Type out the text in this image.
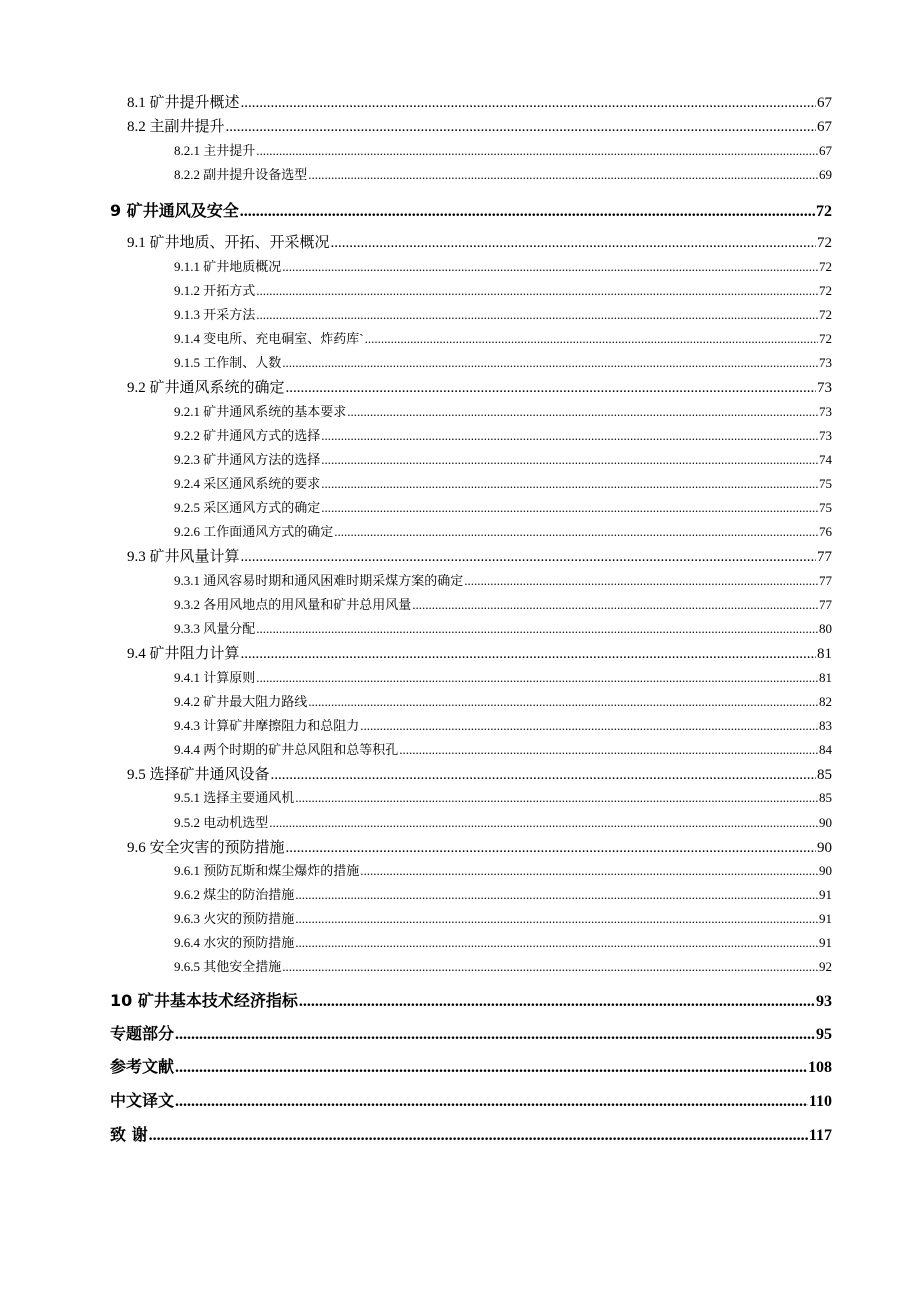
8.1 矿井提升概述 .....	67
8.2 主副井提升 .....	67
8.2.1 主井提升 .....	67
8.2.2 副井提升设备选型 .....	69
9 矿井通风及安全 .....	72
9.1 矿井地质、开拓、开采概况 .....	72
9.1.1 矿井地质概况 .....	72
9.1.2 开拓方式 .....	72
9.1.3 开采方法 .....	72
9.1.4 变电所、充电硐室、炸药库` .....	72
9.1.5 工作制、人数 .....	73
9.2 矿井通风系统的确定 .....	73
9.2.1 矿井通风系统的基本要求 .....	73
9.2.2 矿井通风方式的选择 .....	73
9.2.3 矿井通风方法的选择 .....	74
9.2.4 采区通风系统的要求 .....	75
9.2.5 采区通风方式的确定 .....	75
9.2.6 工作面通风方式的确定 .....	76
9.3 矿井风量计算 .....	77
9.3.1 通风容易时期和通风困难时期采煤方案的确定 .....	77
9.3.2 各用风地点的用风量和矿井总用风量 .....	77
9.3.3 风量分配 .....	80
9.4 矿井阻力计算 .....	81
9.4.1 计算原则 .....	81
9.4.2 矿井最大阻力路线 .....	82
9.4.3 计算矿井摩擦阻力和总阻力 .....	83
9.4.4 两个时期的矿井总风阻和总等积孔 .....	84
9.5 选择矿井通风设备 .....	85
9.5.1 选择主要通风机 .....	85
9.5.2 电动机选型 .....	90
9.6 安全灾害的预防措施 .....	90
9.6.1 预防瓦斯和煤尘爆炸的措施 .....	90
9.6.2 煤尘的防治措施 .....	91
9.6.3 火灾的预防措施 .....	91
9.6.4 水灾的预防措施 .....	91
9.6.5 其他安全措施 .....	92
10 矿井基本技术经济指标 .....	93
专题部分 .....	95
参考文献 .....	108
中文译文 .....	110
致 谢 .....	117
